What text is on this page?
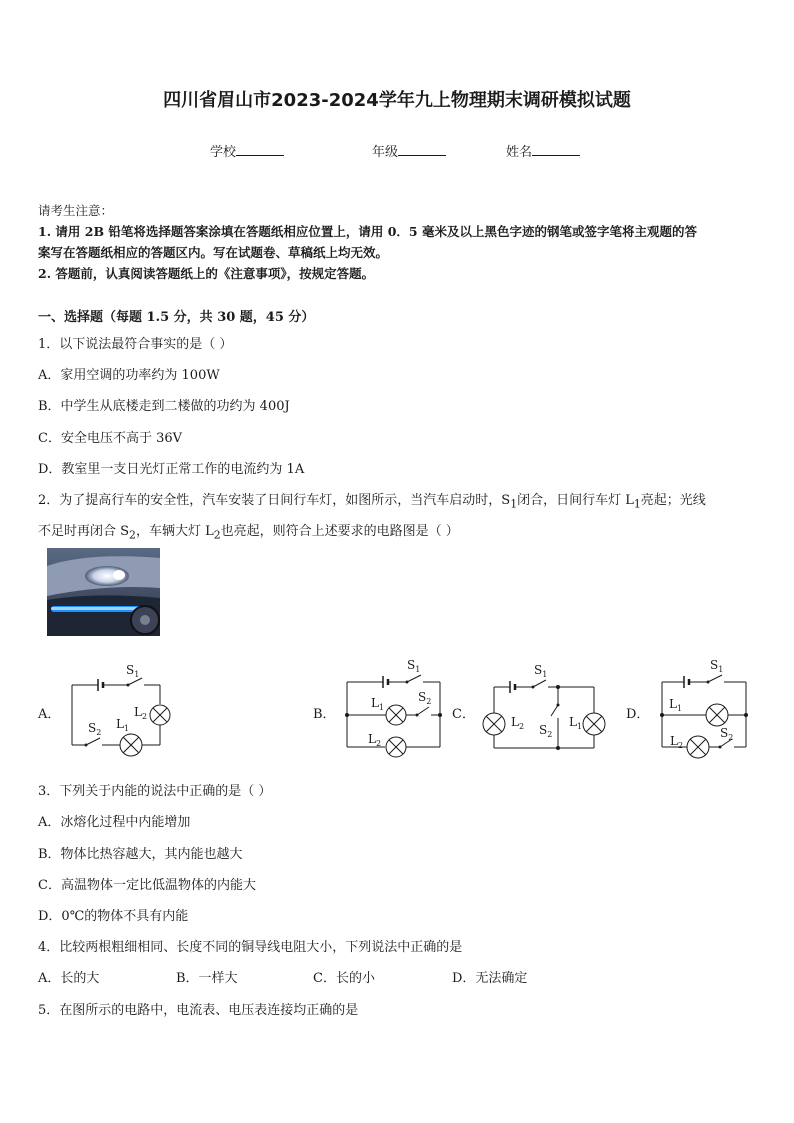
四川省眉山市2023-2024学年九上物理期末调研模拟试题
学校	年级	姓名
请考生注意：
1. 请用 2B 铅笔将选择题答案涂填在答题纸相应位置上，请用 0．5 毫米及以上黑色字迹的钢笔或签字笔将主观题的答
案写在答题纸相应的答题区内。写在试题卷、草稿纸上均无效。
2. 答题前，认真阅读答题纸上的《注意事项》，按规定答题。
一、选择题（每题 1.5 分，共 30 题，45 分）
1．以下说法最符合事实的是（ ）
A．家用空调的功率约为 100W
B．中学生从底楼走到二楼做的功约为 400J
C．安全电压不高于 36V
D．教室里一支日光灯正常工作的电流约为 1A
2．为了提高行车的安全性，汽车安装了日间行车灯，如图所示，当汽车启动时，$S_1$闭合，日间行车灯 $L_1$亮起；光线
不足时再闭合 $S_2$，车辆大灯 $L_2$也亮起，则符合上述要求的电路图是（ ）
A．
$S_1$
$L_2$
$S_2$
$L_1$
B．
$S_1$
$L_1$
$S_2$
$L_2$
C．
$S_1$
$L_2$ $S_2$
$L_1$
D．
$S_1$
$L_1$
$S_2$
$L_2$
3．下列关于内能的说法中正确的是（ ）
A．冰熔化过程中内能增加
B．物体比热容越大，其内能也越大
C．高温物体一定比低温物体的内能大
D．0℃的物体不具有内能
4．比较两根粗细相同、长度不同的铜导线电阻大小，下列说法中正确的是
A．长的大	B．一样大	C．长的小	D．无法确定
5．在图所示的电路中，电流表、电压表连接均正确的是
